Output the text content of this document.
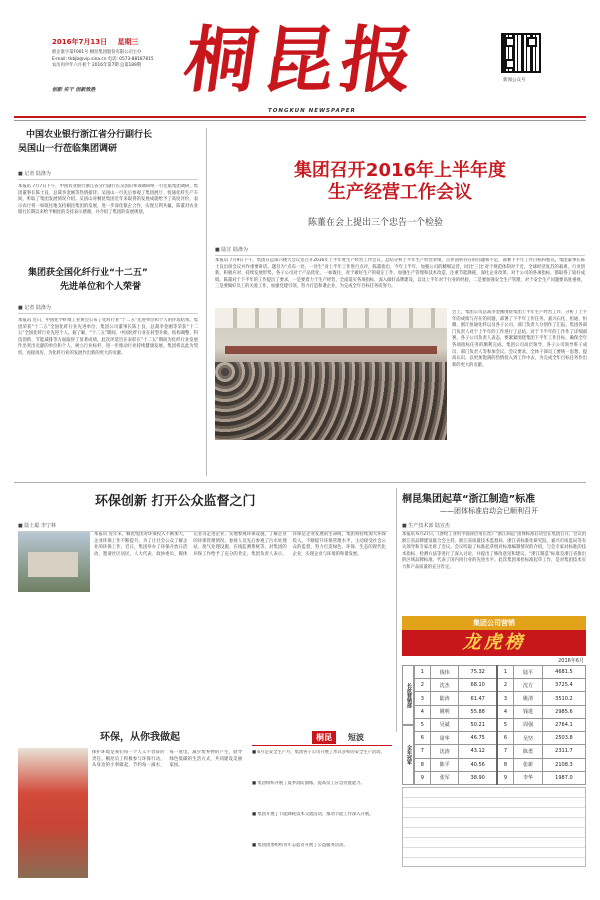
2016年7月13日 星期三
浙企准字第F001号 桐昆集团股份有限公司主办
E-mail: tkbjb@vip.sina.cn 电话: 0573-88187815
农历丙申年六月初十 2016年第7期 总第189期
创新 实干 创新致胜 桐昆报
TONGKUN NEWSPAPER
新闻公众号
中国农业银行浙江省分行副行长
吴国山一行莅临集团调研
■ 记者 陆涤为
本报讯 7月7日下午，中国农业银行浙江省分行副行长吴国山率领调研组一行莅临集团调研，集团董事长陈士良、总裁李金刚等热情接待。吴国山一行先后参观了集团展厅、恒通化纤生产车间，听取了集团发展情况介绍。吴国山对桐昆集团近年来取得的发展成就给予了高度评价，表示农行将一如既往地支持桐昆集团的发展，进一步深化银企合作，实现互利共赢。陈董对农业银行长期以来给予桐昆的支持表示感谢，并介绍了集团的发展规划。
集团获全国化纤行业“十二五”
先进单位和个人荣誉
■ 记者 陆涤为
本报讯 近日，中国化学纤维工业协会公布了化纤行业“十二五”先进单位和个人的评选结果。集团荣获“十二五”全国化纤行业先进单位，集团公司董事长陈士良、总裁李金刚等荣获“十二五”全国化纤行业先进个人。据了解，“十二五”期间，中国化纤行业在转型升级、结构调整、科技创新、节能减排等方面取得了显著成绩。此次评选旨在表彰在“十二五”期间为化纤行业发展作出突出贡献的单位和个人，树立行业标杆，进一步推动行业持续健康发展。集团将以此为契机，再接再厉，为化纤行业的发展作出新的更大的贡献。
集团召开2016年上半年度
生产经营工作会议
陈董在会上提出三个忠告一个检验
■ 陆宣 陆涤为
本报讯 7月9日下午，集团在总部六楼大会议室召开2016年上半年度生产经营工作会议。总结分析上半年生产经营业绩，点评剖析存在的问题和不足，部署下半年工作目标和重点。集团董事长陈士良出席会议并作重要讲话。题目为“点布一处，一处生”对上半年工作进行点评，陈董指出，今年上半年，加强公司的精细运营，同比‘三比’对于规范体制对于近，全球经济复苏的艰难，行业创新，积极应对、持续发展形势，各子公司对于产品优化，一如既往，对于做好生产的稳定工作，加强生产管理和技术改造，注重节能降耗，深化企业改革。对于公司的各项指标，都取得了较好成绩。陈董对于下半年的工作提出了要求，一是要着力于生产经营，全面落实各项指标，深入做好品牌建设，以及上半年对于行业的经验，二是要加强安全生产管理，对于安全生产问题要高度重视，三是要做好员工的关爱工作，加强党建引领，努力打造和谐企业，为完成全年目标任务而努力。
会上，集团公司总裁李金刚围绕集团上半年生产经营工作，分析了上半年的成绩与存在的问题，部署了下半年工作任务。嘉兴石化、恒通、恒腾、浙江恒通化纤以及各子公司、部门负责人分别作了汇报。集团各部门负责人对于上半年的工作进行了总结，对于下半年的工作作了详细部署。各子公司负责人表态，要紧紧围绕集团下半年工作目标，确保全年各项指标任务的顺利完成。集团公司高层领导、各子公司领导班子成员、部门负责人等参加会议。会议要求，全体干部员工要统一思想、提高认识，以更加饱满的热情投入到工作中去，为完成全年目标任务作出新的更大的贡献。
环保创新 打开公众监督之门
■ 陆士聪 李宁林
本报讯 连年来，桐昆集团对环保投入不断加大，企业环保工作不断提升。为了让社会公众了解企业的环保工作，近日，集团举办了环保开放日活动，邀请社区居民、人大代表、政协委员、媒体记者等走进企业，实地参观环保设施，了解企业的环保管理情况。参观人员先后参观了污水处理站、废气处理设施、在线监测系统等，对集团的环保工作给予了充分的肯定。集团负责人表示，环保是企业发展的生命线，集团将持续加大环保投入，不断提升环保管理水平，主动接受社会公众的监督，努力打造绿色、环保、生态的现代化企业，实现企业与环境的和谐发展。
环保，从你我做起
保护环境是我们每一个人义不容辞的责任。桐昆员工积极参与环保行动，从身边的小事做起，节约每一滴水、每一度电，减少废弃物的产生，倡导绿色低碳的生活方式，共同建设美丽家园。
桐昆集团起草“浙江制造”标准
——团体标准启动会已顺利召开
■ 生产技术部 陆宣杰
本报讯 6月27日，《涤纶工业用平面涂层用长丝》“浙江制造”团体标准启动会在集团召开。会议由浙江省品牌建设联合会主持，浙江省质量技术监督局、浙江省标准化研究院、嘉兴市质监局等有关领导和专家出席了会议。会议听取了标准起草组对标准编制情况的介绍，与会专家对标准的技术指标、检测方法等进行了深入讨论，并提出了修改意见和建议。“浙江制造”标准是浙江省推出的区域品牌标准，代表了国内同行业的先进水平。此次集团承担标准起草工作，是对集团技术实力和产品质量的充分肯定。
桐昆	短波
■ 6月是安全生产月，集团各子公司开展了形式多样的安全生产活动。
■ 集团组织开展了夏季消防演练，提高员工应急处置能力。
■ 集团开展了节能降耗技术交流活动，推动节能工作深入开展。
■ 集团团委组织青年志愿者开展了公益服务活动。
集团公司营销
龙虎榜
2016年6月
长丝营销部
全年冠军
1	钱伟	75.32	1	陆平	4681.5
2	沈杰	68.10	2	沈方	3725.4
3	陆涛	61.47	3	姚清	3510.2
4	姚明	55.88	4	钱进	2985.6
5	吴斌	50.21	5	周强	2764.1
6	周华	46.75	6	吴坚	2503.8
7	沈涛	43.12	7	陈勇	2311.7
8	陈平	40.56	8	张新	2108.3
9	张军	38.90	9	李华	1987.0
